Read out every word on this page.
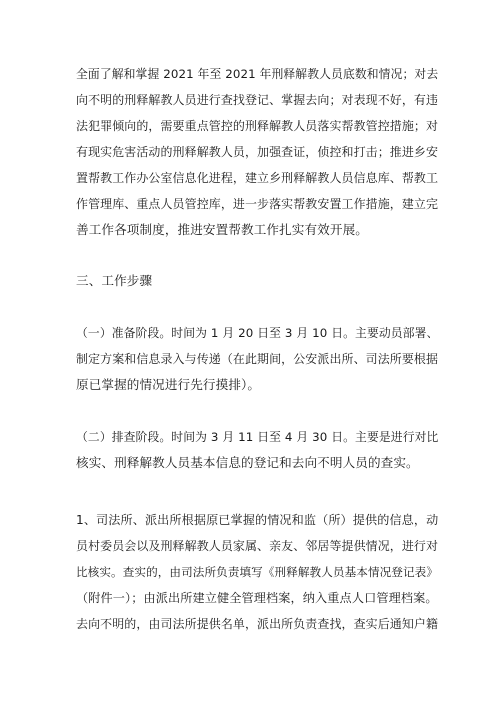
全面了解和掌握 2021 年至 2021 年刑释解教人员底数和情况；对去
向不明的刑释解教人员进行查找登记、掌握去向；对表现不好，有违
法犯罪倾向的，需要重点管控的刑释解教人员落实帮教管控措施；对
有现实危害活动的刑释解教人员，加强查证，侦控和打击；推进乡安
置帮教工作办公室信息化进程，建立乡刑释解教人员信息库、帮教工
作管理库、重点人员管控库，进一步落实帮教安置工作措施，建立完
善工作各项制度，推进安置帮教工作扎实有效开展。
三、工作步骤
（一）准备阶段。时间为 1 月 20 日至 3 月 10 日。主要动员部署、
制定方案和信息录入与传递（在此期间，公安派出所、司法所要根据
原已掌握的情况进行先行摸排）。
（二）排查阶段。时间为 3 月 11 日至 4 月 30 日。主要是进行对比
核实、刑释解教人员基本信息的登记和去向不明人员的查实。
1、司法所、派出所根据原已掌握的情况和监（所）提供的信息，动
员村委员会以及刑释解教人员家属、亲友、邻居等提供情况，进行对
比核实。查实的，由司法所负责填写《刑释解教人员基本情况登记表》
（附件一）；由派出所建立健全管理档案，纳入重点人口管理档案。
去向不明的，由司法所提供名单，派出所负责查找，查实后通知户籍
